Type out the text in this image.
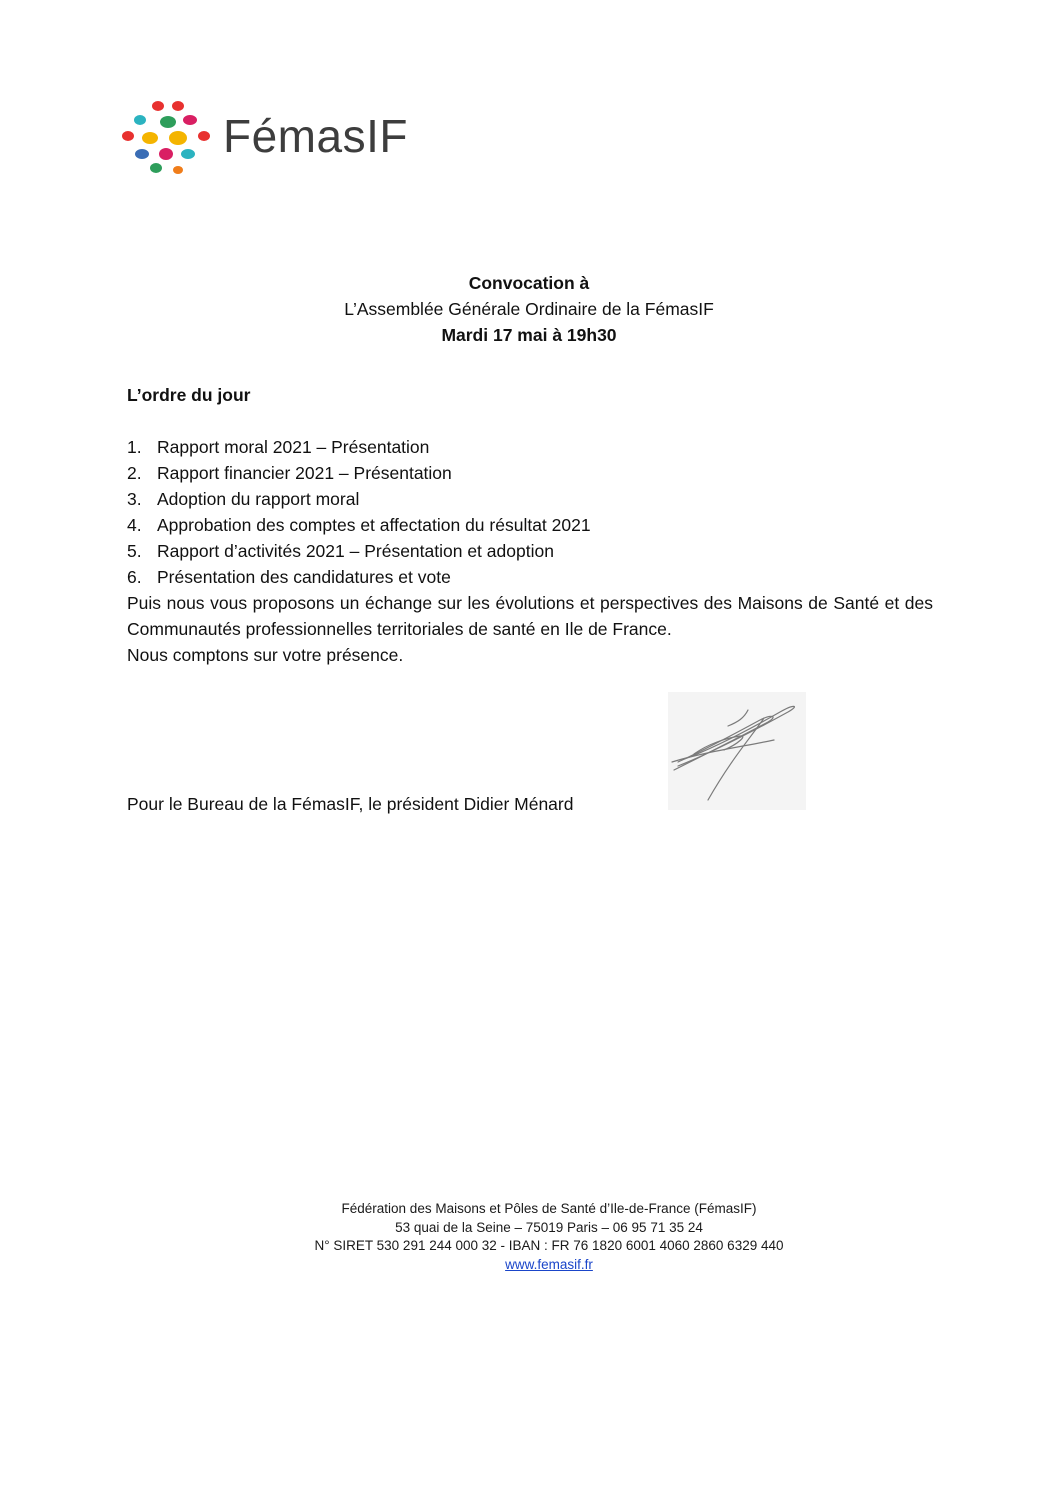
FémasIF
Convocation à
L’Assemblée Générale Ordinaire de la FémasIF
Mardi 17 mai à 19h30
L’ordre du jour
1. Rapport moral 2021 – Présentation
2. Rapport financier 2021 – Présentation
3. Adoption du rapport moral
4. Approbation des comptes et affectation du résultat 2021
5. Rapport d’activités 2021 – Présentation et adoption
6. Présentation des candidatures et vote

Puis nous vous proposons un échange sur les évolutions et perspectives des Maisons de Santé et des Communautés professionnelles territoriales de santé en Ile de France.

Nous comptons sur votre présence.

Pour le Bureau de la FémasIF, le président Didier Ménard
Fédération des Maisons et Pôles de Santé d’Ile-de-France (FémasIF)
53 quai de la Seine – 75019 Paris – 06 95 71 35 24
N° SIRET 530 291 244 000 32 - IBAN : FR 76 1820 6001 4060 2860 6329 440
www.femasif.fr
